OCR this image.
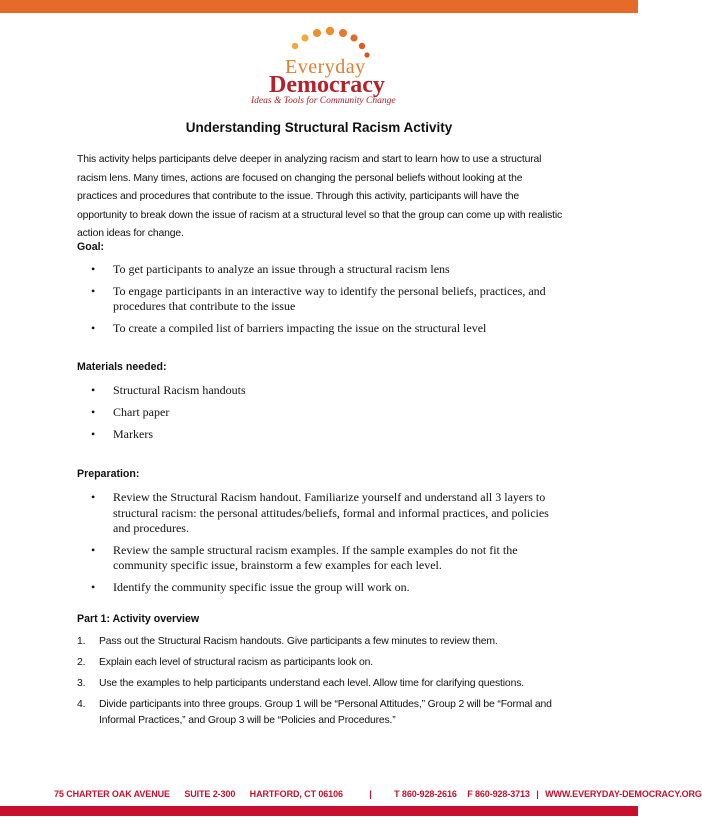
Everyday
Democracy
Ideas & Tools for Community Change
Understanding Structural Racism Activity
This activity helps participants delve deeper in analyzing racism and start to learn how to use a structural racism lens. Many times, actions are focused on changing the personal beliefs without looking at the practices and procedures that contribute to the issue. Through this activity, participants will have the opportunity to break down the issue of racism at a structural level so that the group can come up with realistic action ideas for change.
Goal:
• To get participants to analyze an issue through a structural racism lens
• To engage participants in an interactive way to identify the personal beliefs, practices, and procedures that contribute to the issue
• To create a compiled list of barriers impacting the issue on the structural level
Materials needed:
• Structural Racism handouts
• Chart paper
• Markers
Preparation:
• Review the Structural Racism handout. Familiarize yourself and understand all 3 layers to structural racism: the personal attitudes/beliefs, formal and informal practices, and policies and procedures.
• Review the sample structural racism examples. If the sample examples do not fit the community specific issue, brainstorm a few examples for each level.
• Identify the community specific issue the group will work on.
Part 1: Activity overview
1. Pass out the Structural Racism handouts. Give participants a few minutes to review them.
2. Explain each level of structural racism as participants look on.
3. Use the examples to help participants understand each level. Allow time for clarifying questions.
4. Divide participants into three groups. Group 1 will be “Personal Attitudes,” Group 2 will be “Formal and Informal Practices,” and Group 3 will be “Policies and Procedures.”
75 CHARTER OAK AVENUE SUITE 2-300 HARTFORD, CT 06106	| T 860-928-2616 F 860-928-3713 | WWW.EVERYDAY-DEMOCRACY.ORG
